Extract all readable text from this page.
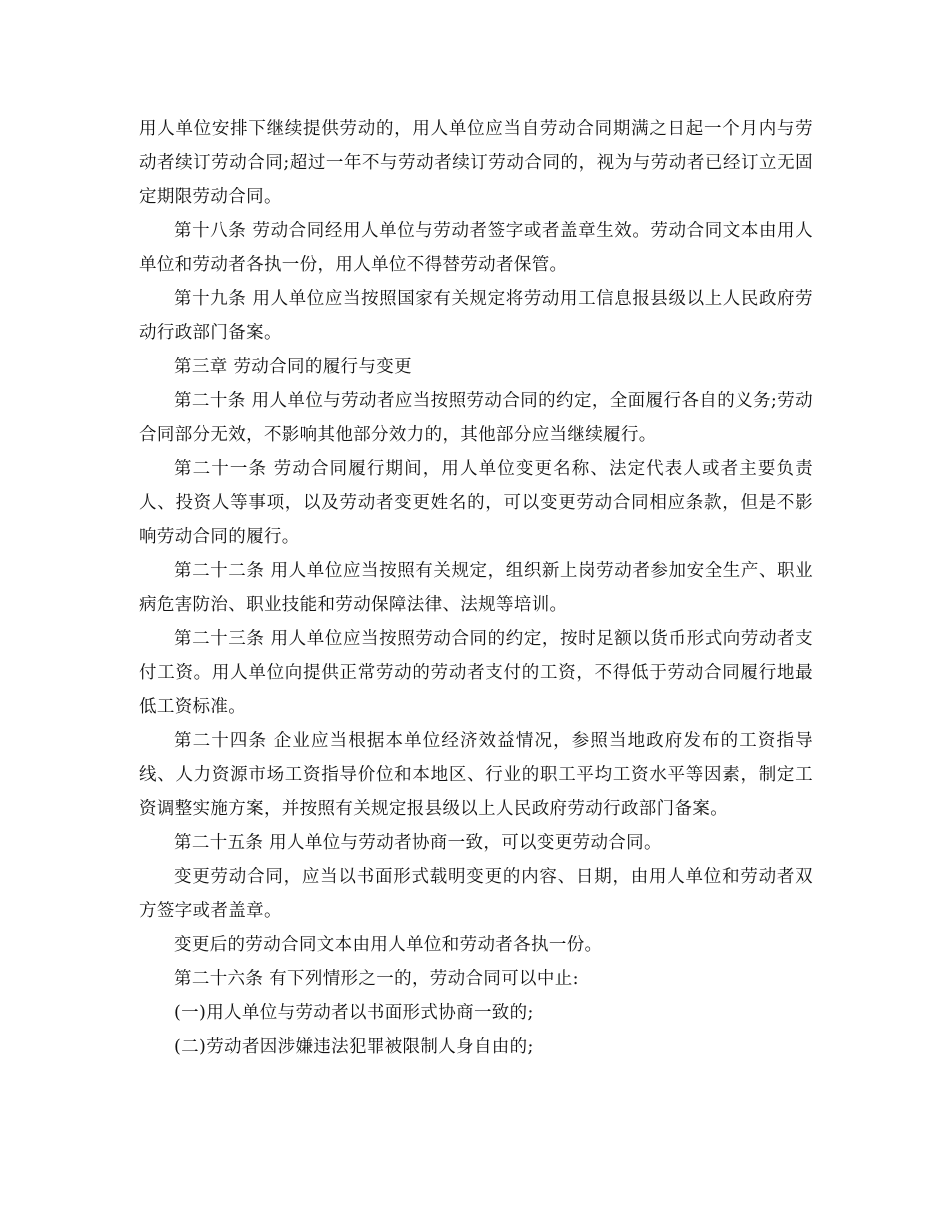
用人单位安排下继续提供劳动的，用人单位应当自劳动合同期满之日起一个月内与劳动者续订劳动合同;超过一年不与劳动者续订劳动合同的，视为与劳动者已经订立无固定期限劳动合同。

第十八条 劳动合同经用人单位与劳动者签字或者盖章生效。劳动合同文本由用人单位和劳动者各执一份，用人单位不得替劳动者保管。

第十九条 用人单位应当按照国家有关规定将劳动用工信息报县级以上人民政府劳动行政部门备案。

第三章 劳动合同的履行与变更

第二十条 用人单位与劳动者应当按照劳动合同的约定，全面履行各自的义务;劳动合同部分无效，不影响其他部分效力的，其他部分应当继续履行。

第二十一条 劳动合同履行期间，用人单位变更名称、法定代表人或者主要负责人、投资人等事项，以及劳动者变更姓名的，可以变更劳动合同相应条款，但是不影响劳动合同的履行。

第二十二条 用人单位应当按照有关规定，组织新上岗劳动者参加安全生产、职业病危害防治、职业技能和劳动保障法律、法规等培训。

第二十三条 用人单位应当按照劳动合同的约定，按时足额以货币形式向劳动者支付工资。用人单位向提供正常劳动的劳动者支付的工资，不得低于劳动合同履行地最低工资标准。

第二十四条 企业应当根据本单位经济效益情况，参照当地政府发布的工资指导线、人力资源市场工资指导价位和本地区、行业的职工平均工资水平等因素，制定工资调整实施方案，并按照有关规定报县级以上人民政府劳动行政部门备案。

第二十五条 用人单位与劳动者协商一致，可以变更劳动合同。

变更劳动合同，应当以书面形式载明变更的内容、日期，由用人单位和劳动者双方签字或者盖章。

变更后的劳动合同文本由用人单位和劳动者各执一份。

第二十六条 有下列情形之一的，劳动合同可以中止:

(一)用人单位与劳动者以书面形式协商一致的;

(二)劳动者因涉嫌违法犯罪被限制人身自由的;
